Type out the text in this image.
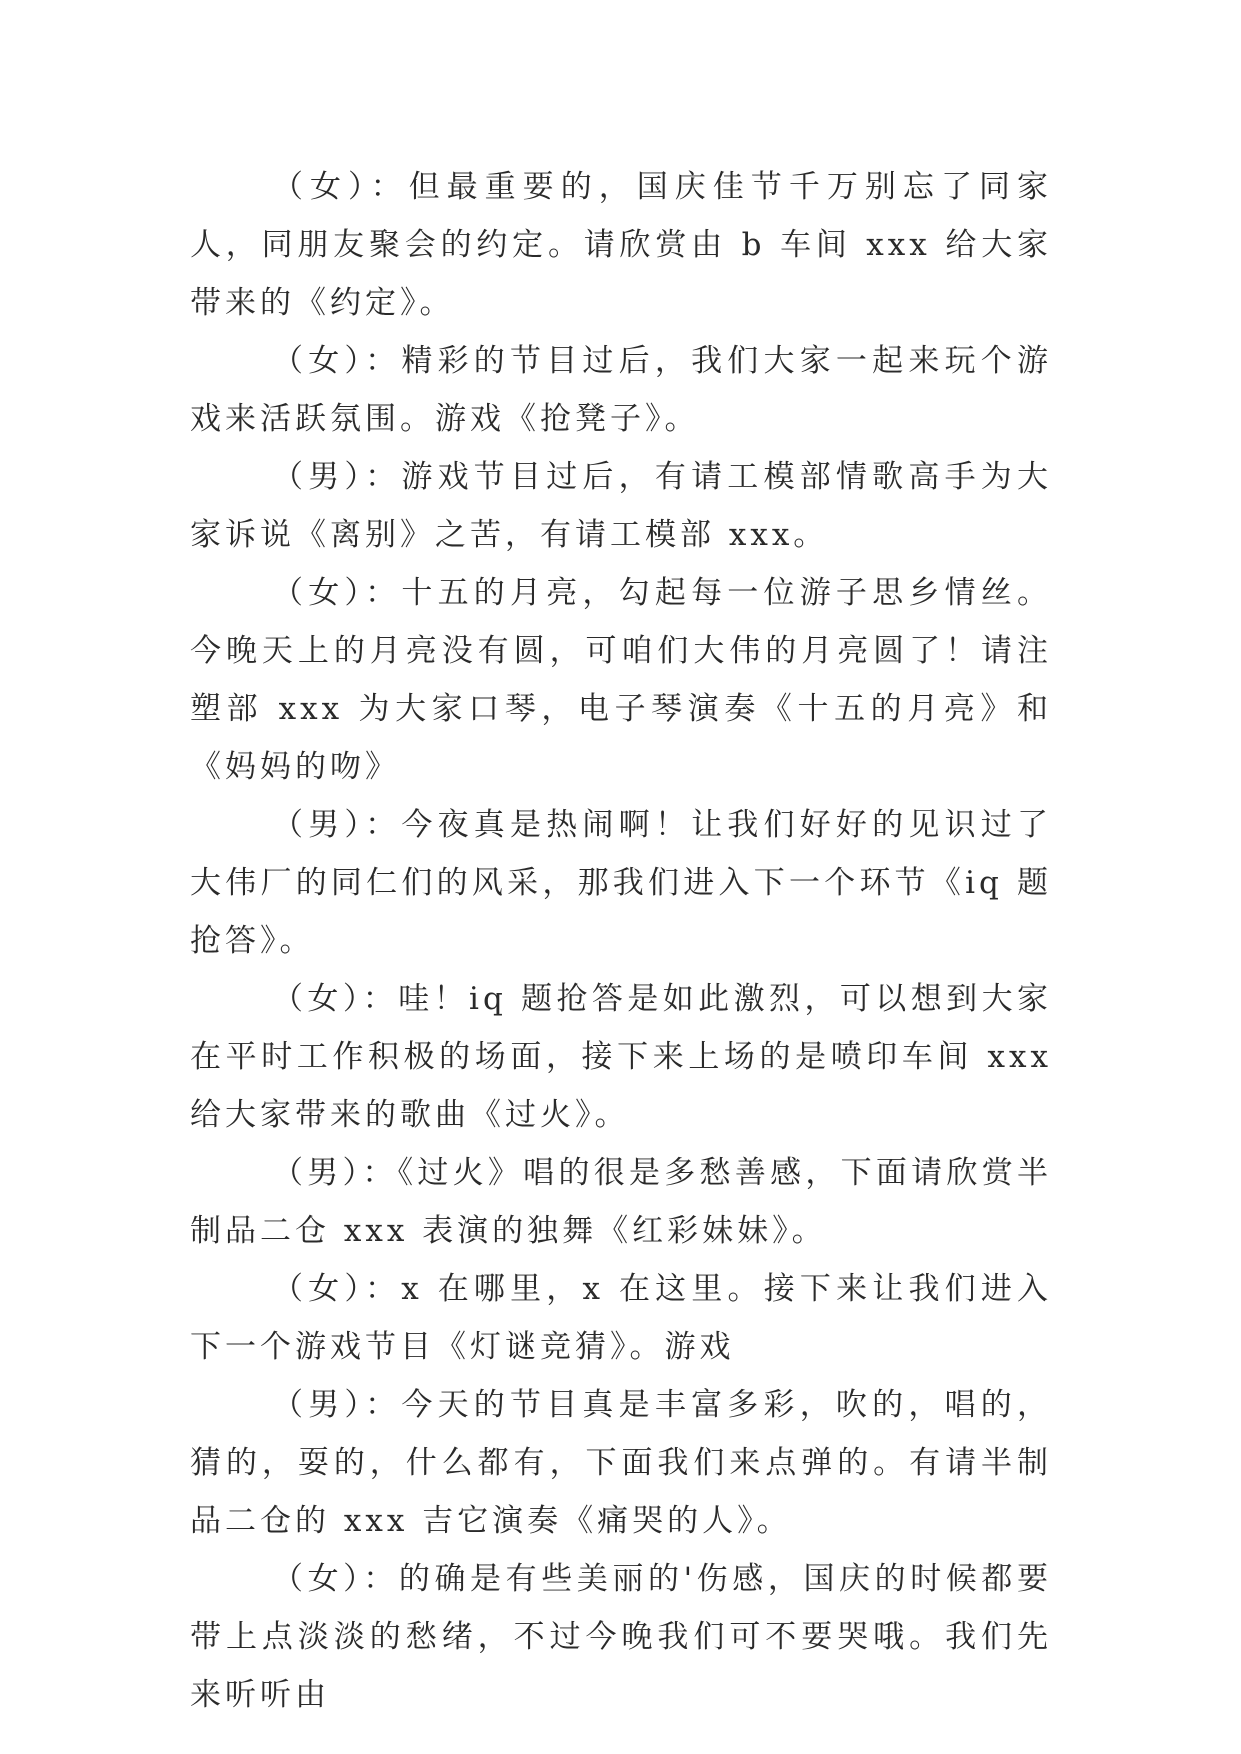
（女）：但最重要的，国庆佳节千万别忘了同家人，同朋友聚会的约定。请欣赏由 b 车间 xxx 给大家带来的《约定》。

（女）：精彩的节目过后，我们大家一起来玩个游戏来活跃氛围。游戏《抢凳子》。

（男）：游戏节目过后，有请工模部情歌高手为大家诉说《离别》之苦，有请工模部 xxx。

（女）：十五的月亮，勾起每一位游子思乡情丝。今晚天上的月亮没有圆，可咱们大伟的月亮圆了！请注塑部 xxx 为大家口琴，电子琴演奏《十五的月亮》和《妈妈的吻》

（男）：今夜真是热闹啊！让我们好好的见识过了大伟厂的同仁们的风采，那我们进入下一个环节《iq 题抢答》。

（女）：哇！iq 题抢答是如此激烈，可以想到大家在平时工作积极的场面，接下来上场的是喷印车间 xxx 给大家带来的歌曲《过火》。

（男）：《过火》唱的很是多愁善感，下面请欣赏半制品二仓 xxx 表演的独舞《红彩妹妹》。

（女）：x 在哪里，x 在这里。接下来让我们进入下一个游戏节目《灯谜竞猜》。游戏

（男）：今天的节目真是丰富多彩，吹的，唱的，猜的，耍的，什么都有，下面我们来点弹的。有请半制品二仓的 xxx 吉它演奏《痛哭的人》。

（女）：的确是有些美丽的'伤感，国庆的时候都要带上点淡淡的愁绪，不过今晚我们可不要哭哦。我们先来听听由
